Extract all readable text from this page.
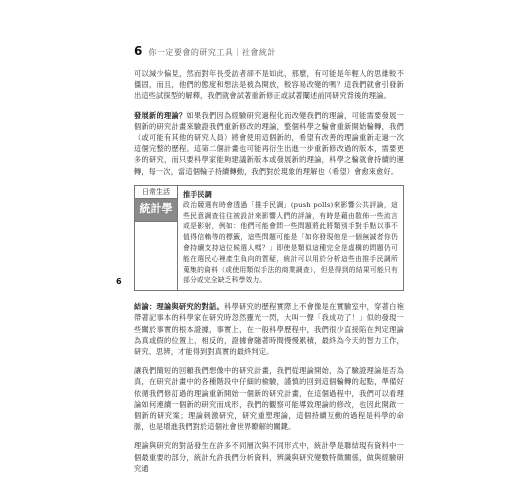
6 你一定要會的研究工具｜社會統計

可以減少偏見，然而對年長受訪者卻不是如此，那麼，有可能是年輕人的思維較不僵固，而且，他們的態度和想法是被為開放，較容易改變的嗎？這我們就會引發新出這些試探型的解釋，我們就會試著重新修正或試著闡述前同研究背後的理論。

發展新的理論？如果我們因為經驗研究過程化而改變我們的理論，可能需要發展一個新的研究計畫來驗證我們重新修改的理論，整個科學之輪會重新開始輪轉，我們（或可能有其他的研究人員）將會使用這個新的，希望有改善的理論重新走過一次這個完整的歷程。這第二個計畫也可能再衍生出進一步重新修改過的版本，需要更多的研究，而只要科學家能夠建議新版本或發展新的理論，科學之輪就會持續的運轉，每一次，當這個輪子持續轉動，我們對於現象的理解也（希望）會愈來愈好。

日常生活
統計學
推手民調

政治競選有時會透過「推手民調」(push polls)來影響公共評論，這些民意調查往往被設計來影響人們的評論，有時是藉由散佈一些流言或是影射，例如：他們可能會問一些問題將此將類別手對手點以事不值得信賴等的標籤，這些問題可能是「如你發現他是一個無誠者你仍會持續支持這位候選人嗎？」即使是類似這種完全是虛構的問題仍可能在選民心裡產生負向的質疑，統計可以用於分析這些由推手民調所蒐集的資料（或使用類似手法的商業調查），但是得到的結果可能只有部分或完全缺乏科學效力。

結論：理論與研究的對話。科學研究的歷程實際上不會像是在實驗室中，穿著白袍帶著記事本的科學家在研究時忽然靈光一閃，大叫一聲「我成功了！」似的發現一些關於事實的根本證據，事實上，在一般科學歷程中，我們很少直接陷在判定理論為真或假的位置上，相反的，證據會隨著時間慢慢累積，最終為今天的智力工作，研究、思辨，才能得到對真實的最終判定。

讓我們簡短的回顧我們想像中的研究計畫，我們從理論開始，為了驗證理論是否為真，在研究計畫中的各種階段中仔細的檢驗，謹慎的回到這個輪轉的起點，準備好依循我們修訂過的理論重新開始一個新的研究計畫，在這個過程中，我們可以看理論如何連續一個新的研究而成形，我們的觀察可能導致理論的修改，也因此開啟一個新的研究案；理論刺激研究，研究重塑理論，這個持續互動的過程是科學的命脈，也是增進我們對於這個社會世界瞭解的關鍵。

理論與研究的對話發生在許多不同層次與不同形式中，統計學是聯結現有資料中一個最重要的部分，統計允許我們分析資料，辨識與研究變數特徵關係，做與經驗研究通

6
